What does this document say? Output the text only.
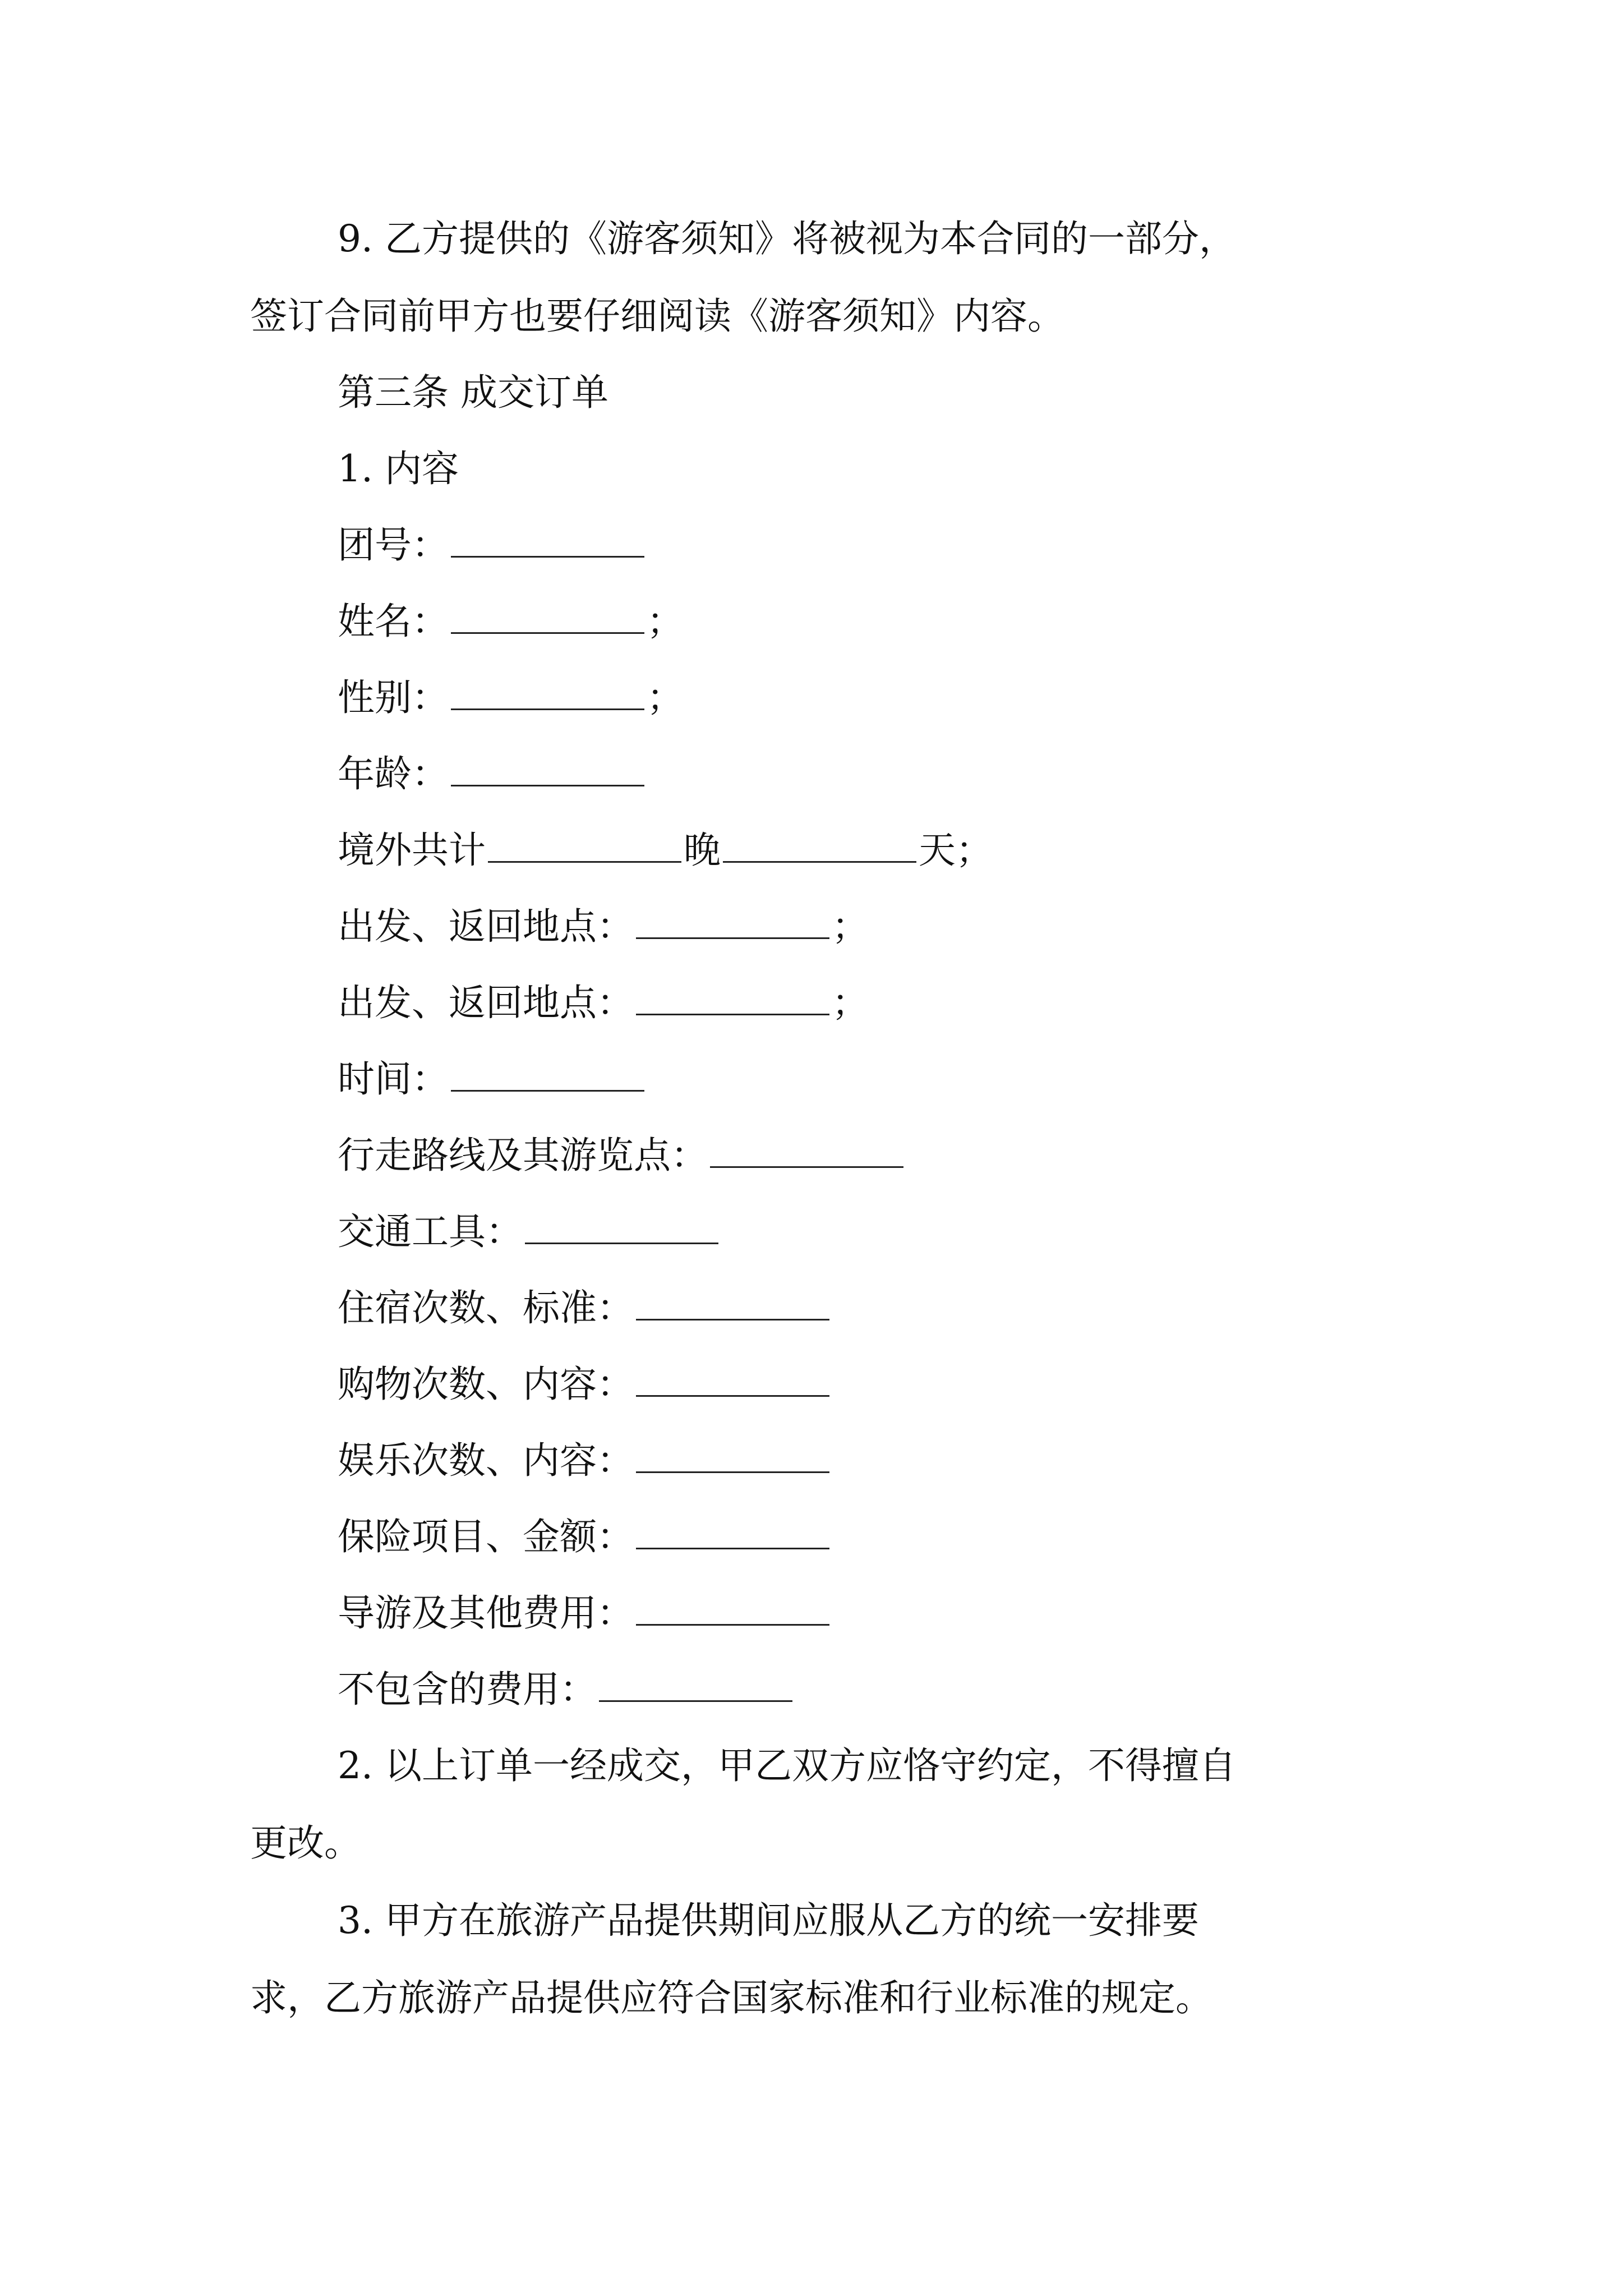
9. 乙方提供的《游客须知》将被视为本合同的一部分，
签订合同前甲方也要仔细阅读《游客须知》内容。
第三条 成交订单
1. 内容
团号：
姓名：	；
性别：	；
年龄：
境外共计	晚	天；
出发、返回地点：	；
出发、返回地点：	；
时间：
行走路线及其游览点：
交通工具：
住宿次数、标准：
购物次数、内容：
娱乐次数、内容：
保险项目、金额：
导游及其他费用：
不包含的费用：
2. 以上订单一经成交，甲乙双方应恪守约定，不得擅自
更改。
3. 甲方在旅游产品提供期间应服从乙方的统一安排要
求，乙方旅游产品提供应符合国家标准和行业标准的规定。
